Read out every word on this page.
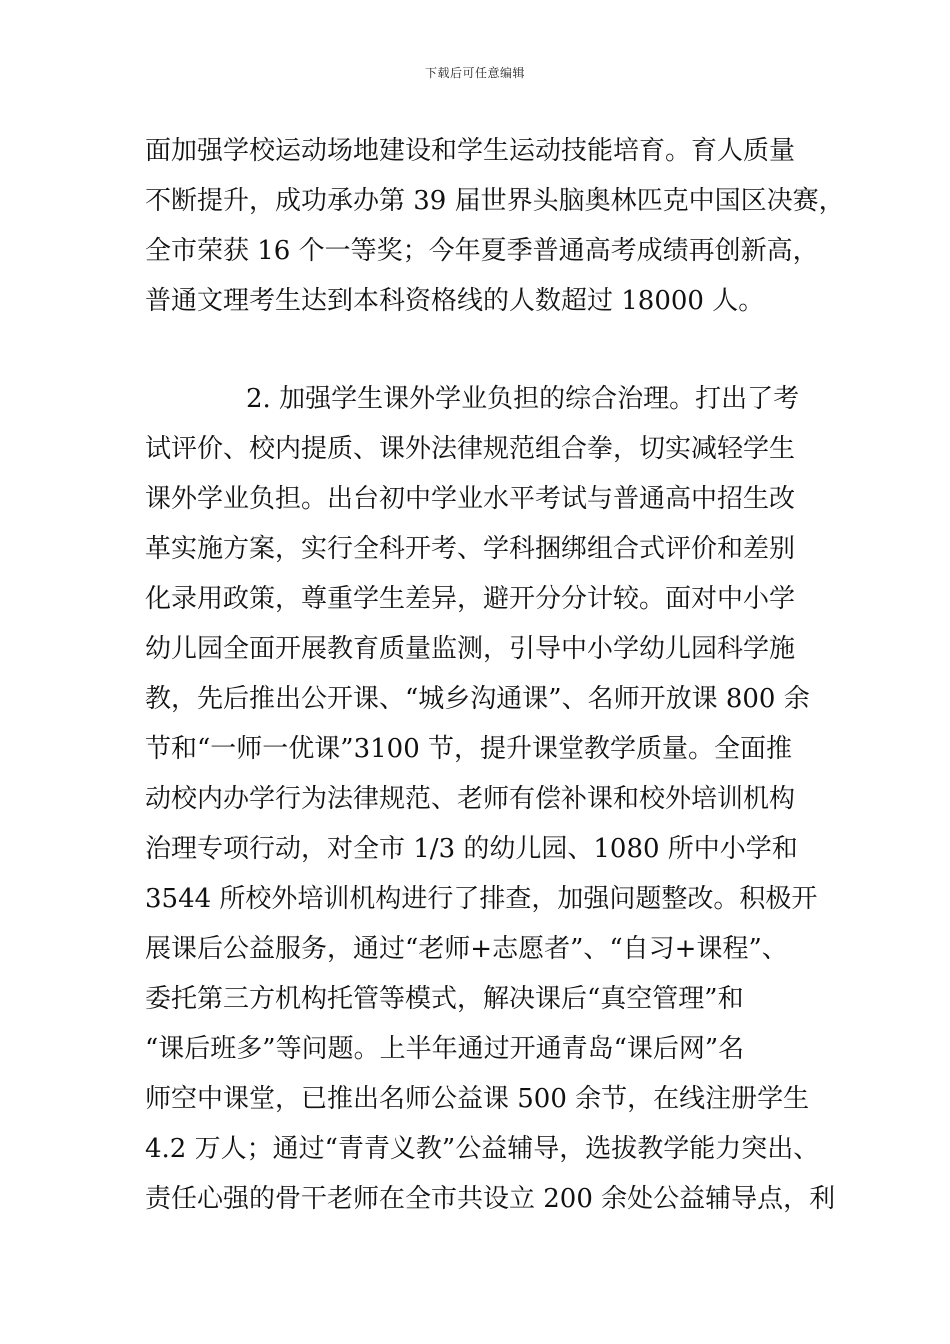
下载后可任意编辑
面加强学校运动场地建设和学生运动技能培育。育人质量
不断提升，成功承办第 39 届世界头脑奥林匹克中国区决赛，
全市荣获 16 个一等奖；今年夏季普通高考成绩再创新高，
普通文理考生达到本科资格线的人数超过 18000 人。
2. 加强学生课外学业负担的综合治理。打出了考
试评价、校内提质、课外法律规范组合拳，切实减轻学生
课外学业负担。出台初中学业水平考试与普通高中招生改
革实施方案，实行全科开考、学科捆绑组合式评价和差别
化录用政策，尊重学生差异，避开分分计较。面对中小学
幼儿园全面开展教育质量监测，引导中小学幼儿园科学施
教，先后推出公开课、“城乡沟通课”、名师开放课 800 余
节和“一师一优课”3100 节，提升课堂教学质量。全面推
动校内办学行为法律规范、老师有偿补课和校外培训机构
治理专项行动，对全市 1/3 的幼儿园、1080 所中小学和
3544 所校外培训机构进行了排查，加强问题整改。积极开
展课后公益服务，通过“老师+志愿者”、“自习+课程”、
委托第三方机构托管等模式，解决课后“真空管理”和
“课后班多”等问题。上半年通过开通青岛“课后网”名
师空中课堂，已推出名师公益课 500 余节，在线注册学生
4.2 万人；通过“青青义教”公益辅导，选拔教学能力突出、
责任心强的骨干老师在全市共设立 200 余处公益辅导点，利
